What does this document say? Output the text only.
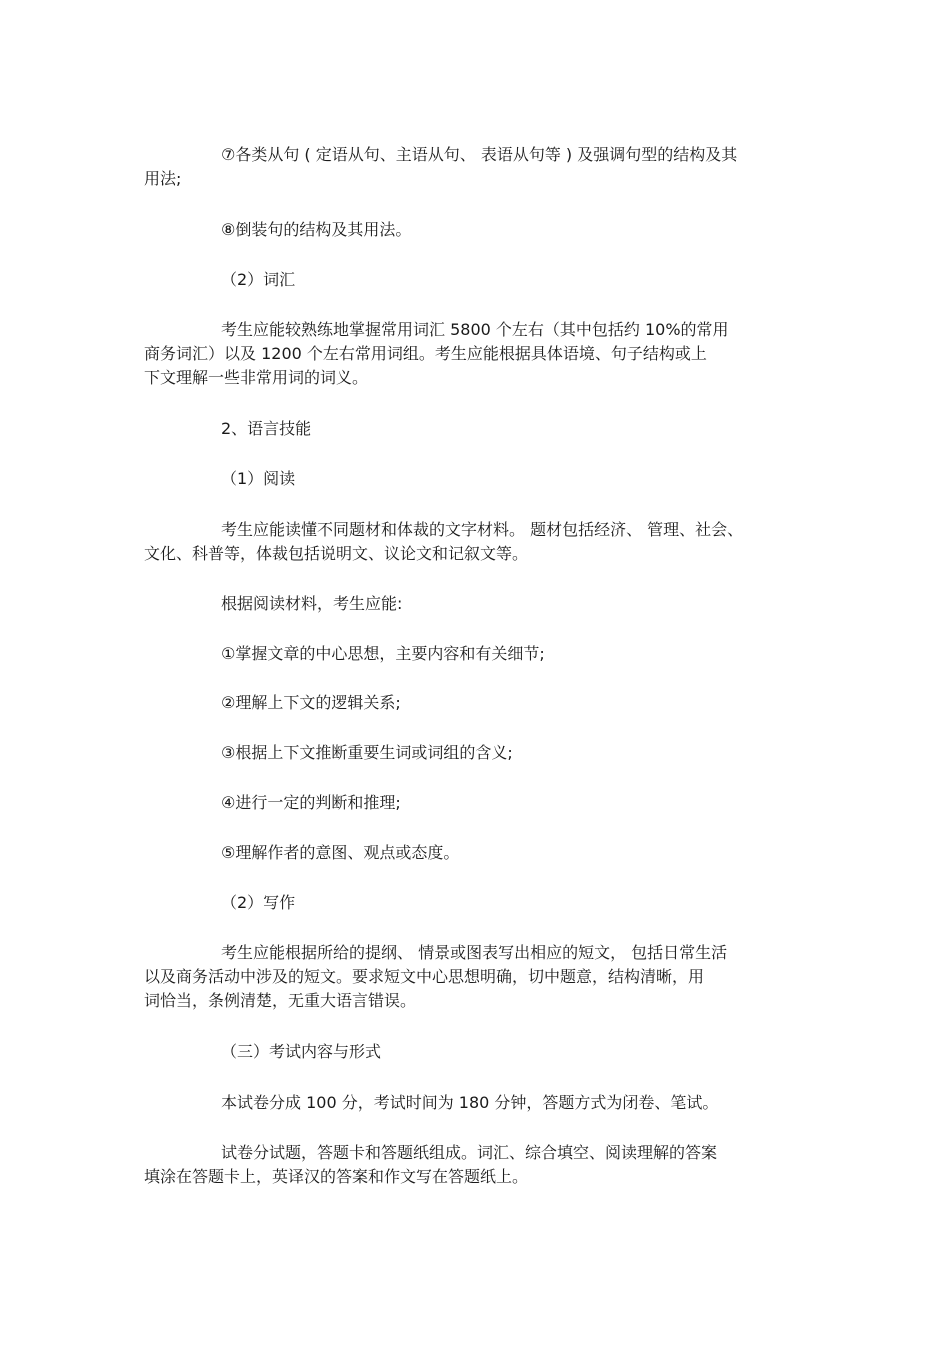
⑦各类从句 ( 定语从句、主语从句、 表语从句等 ) 及强调句型的结构及其
用法;
⑧倒装句的结构及其用法。
（2）词汇
考生应能较熟练地掌握常用词汇 5800 个左右（其中包括约 10%的常用
商务词汇）以及 1200 个左右常用词组。考生应能根据具体语境、句子结构或上
下文理解一些非常用词的词义。
2、语言技能
（1）阅读
考生应能读懂不同题材和体裁的文字材料。 题材包括经济、 管理、社会、
文化、科普等，体裁包括说明文、议论文和记叙文等。
根据阅读材料，考生应能:
①掌握文章的中心思想，主要内容和有关细节;
②理解上下文的逻辑关系;
③根据上下文推断重要生词或词组的含义;
④进行一定的判断和推理;
⑤理解作者的意图、观点或态度。
（2）写作
考生应能根据所给的提纲、 情景或图表写出相应的短文， 包括日常生活
以及商务活动中涉及的短文。要求短文中心思想明确，切中题意，结构清晰，用
词恰当，条例清楚，无重大语言错误。
（三）考试内容与形式
本试卷分成 100 分，考试时间为 180 分钟，答题方式为闭卷、笔试。
试卷分试题，答题卡和答题纸组成。词汇、综合填空、阅读理解的答案
填涂在答题卡上，英译汉的答案和作文写在答题纸上。
